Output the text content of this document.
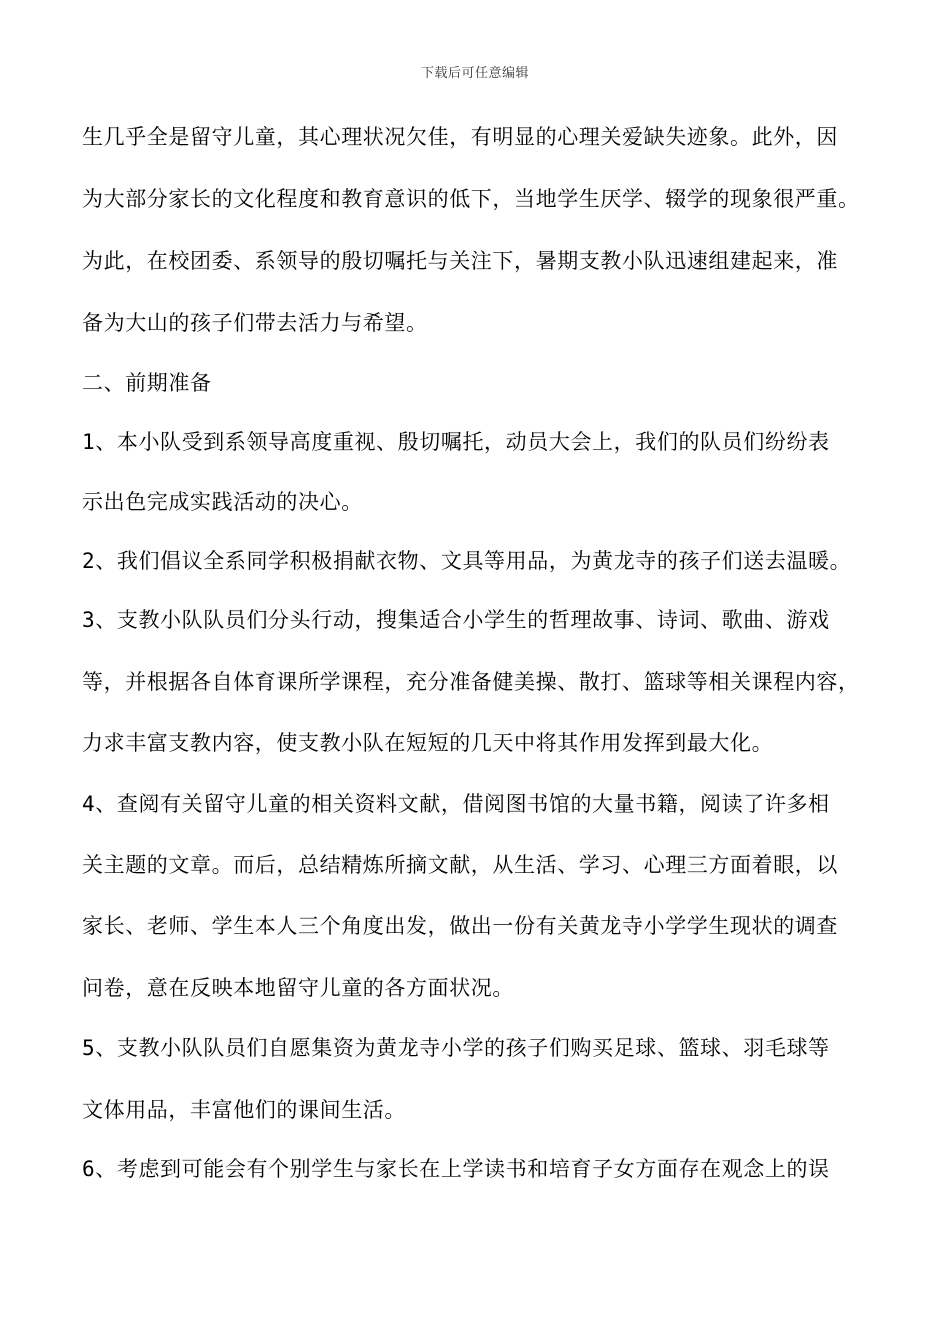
下载后可任意编辑
生几乎全是留守儿童，其心理状况欠佳，有明显的心理关爱缺失迹象。此外，因
为大部分家长的文化程度和教育意识的低下，当地学生厌学、辍学的现象很严重。
为此，在校团委、系领导的殷切嘱托与关注下，暑期支教小队迅速组建起来，准
备为大山的孩子们带去活力与希望。
二、前期准备
1、本小队受到系领导高度重视、殷切嘱托，动员大会上，我们的队员们纷纷表
示出色完成实践活动的决心。
2、我们倡议全系同学积极捐献衣物、文具等用品，为黄龙寺的孩子们送去温暖。
3、支教小队队员们分头行动，搜集适合小学生的哲理故事、诗词、歌曲、游戏
等，并根据各自体育课所学课程，充分准备健美操、散打、篮球等相关课程内容，
力求丰富支教内容，使支教小队在短短的几天中将其作用发挥到最大化。
4、查阅有关留守儿童的相关资料文献，借阅图书馆的大量书籍，阅读了许多相
关主题的文章。而后，总结精炼所摘文献，从生活、学习、心理三方面着眼，以
家长、老师、学生本人三个角度出发，做出一份有关黄龙寺小学学生现状的调查
问卷，意在反映本地留守儿童的各方面状况。
5、支教小队队员们自愿集资为黄龙寺小学的孩子们购买足球、篮球、羽毛球等
文体用品，丰富他们的课间生活。
6、考虑到可能会有个别学生与家长在上学读书和培育子女方面存在观念上的误
